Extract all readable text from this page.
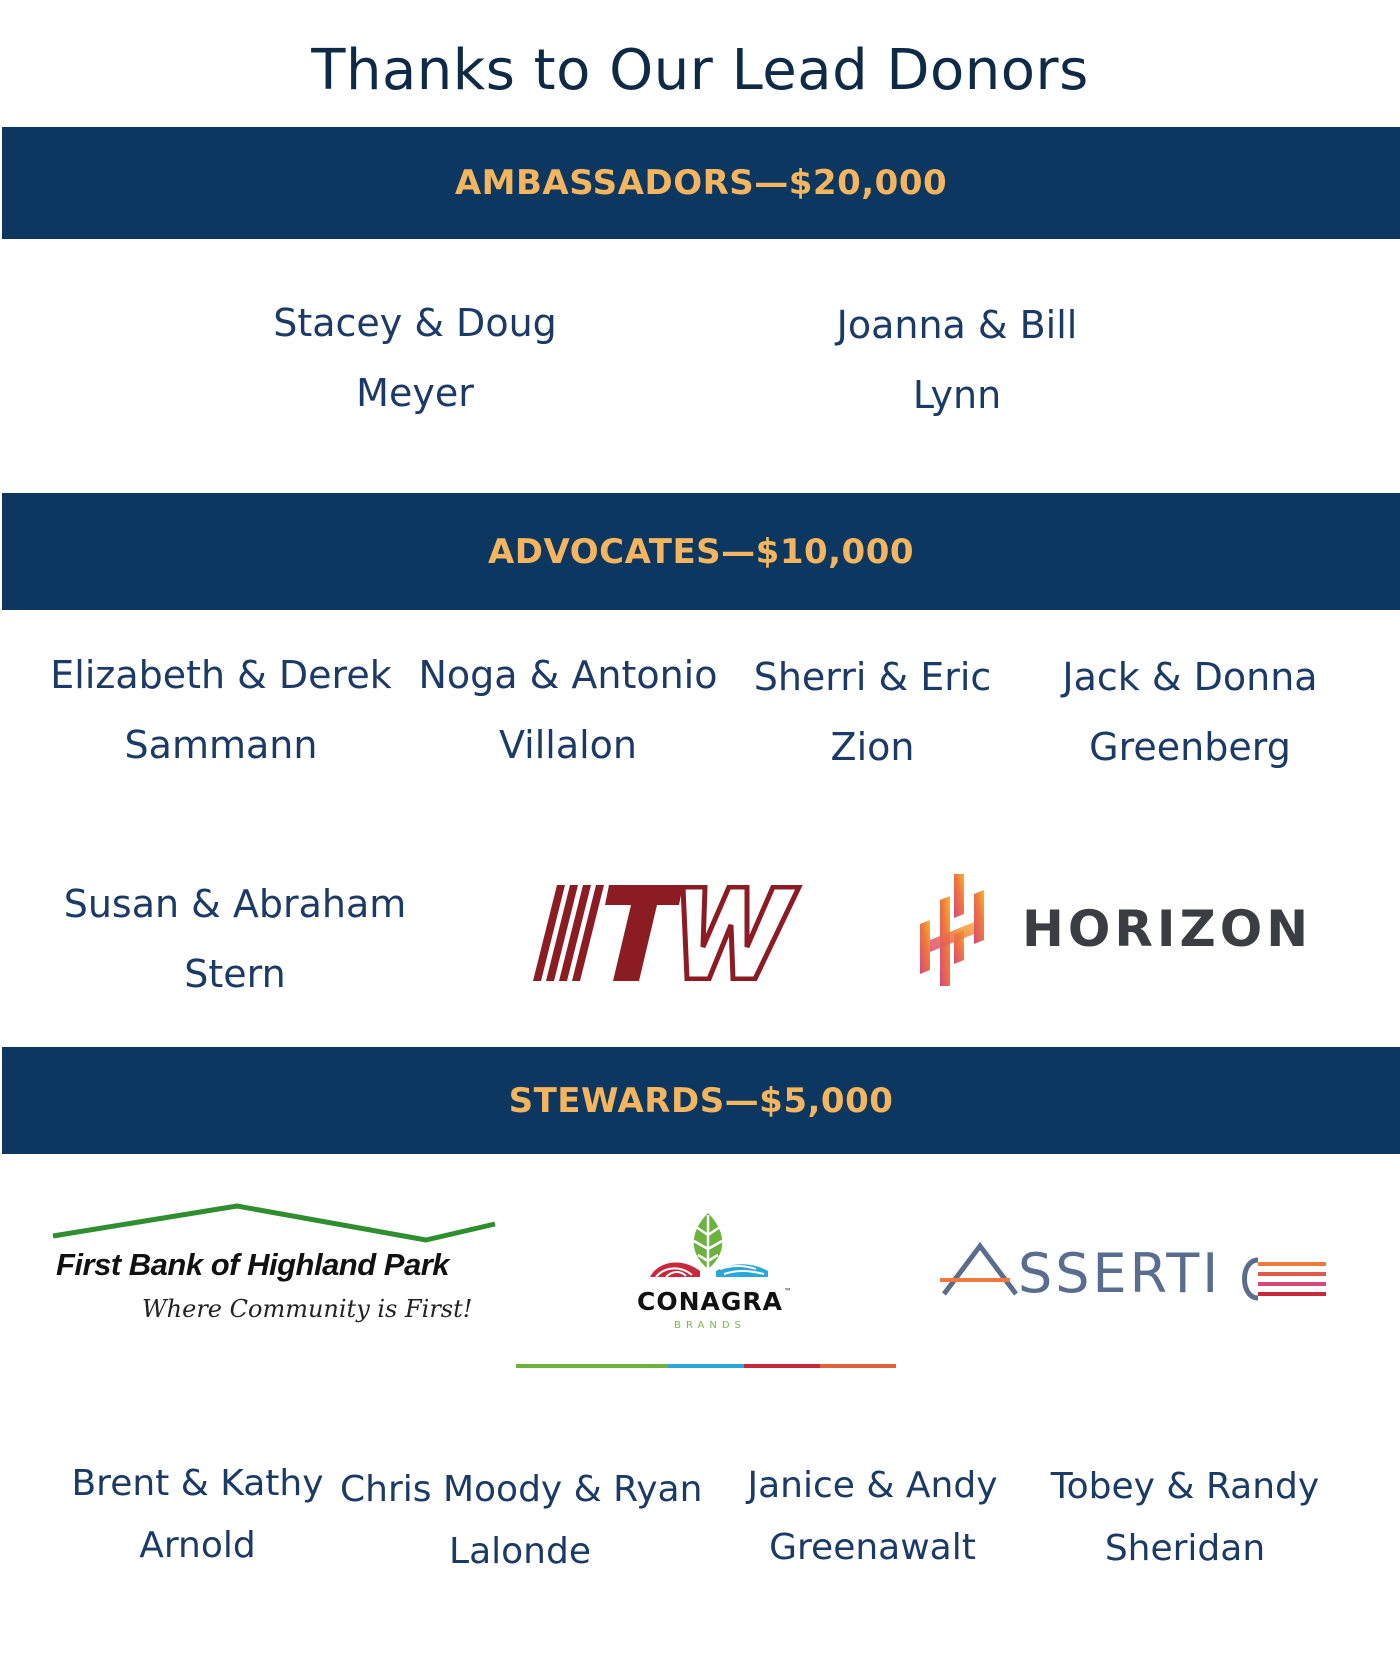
Thanks to Our Lead Donors
AMBASSADORS—$20,000
Stacey & Doug
Meyer
Joanna & Bill
Lynn
ADVOCATES—$10,000
Elizabeth & Derek
Sammann
Noga & Antonio
Villalon
Sherri & Eric
Zion
Jack & Donna
Greenberg
Susan & Abraham
Stern
HORIZON
STEWARDS—$5,000
First Bank of Highland Park
Where Community is First!	CONAGRA ™
BRANDS
SSERTI
Brent & Kathy
Arnold
Chris Moody & Ryan
Lalonde
Janice & Andy
Greenawalt
Tobey & Randy
Sheridan
